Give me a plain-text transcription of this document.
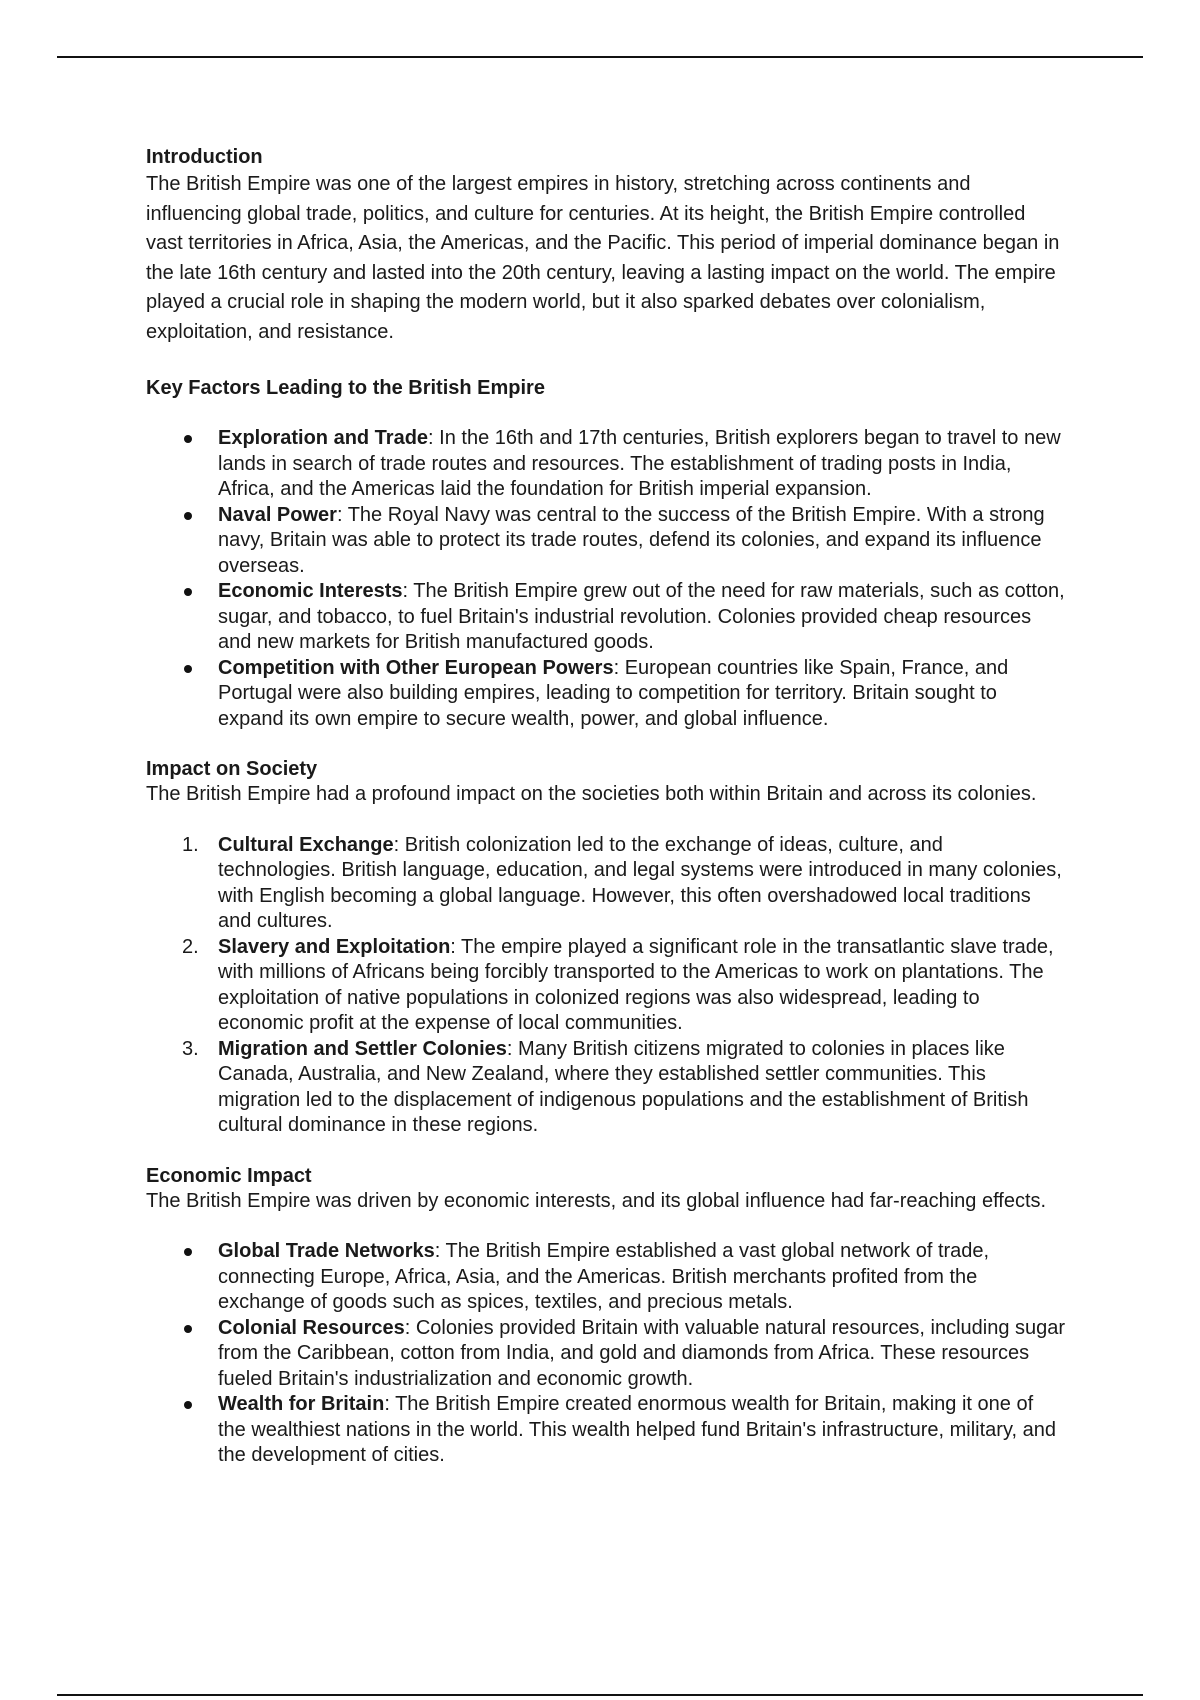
Introduction

The British Empire was one of the largest empires in history, stretching across continents and influencing global trade, politics, and culture for centuries. At its height, the British Empire controlled vast territories in Africa, Asia, the Americas, and the Pacific. This period of imperial dominance began in the late 16th century and lasted into the 20th century, leaving a lasting impact on the world. The empire played a crucial role in shaping the modern world, but it also sparked debates over colonialism, exploitation, and resistance.

Key Factors Leading to the British Empire

Exploration and Trade: In the 16th and 17th centuries, British explorers began to travel to new lands in search of trade routes and resources. The establishment of trading posts in India, Africa, and the Americas laid the foundation for British imperial expansion.
Naval Power: The Royal Navy was central to the success of the British Empire. With a strong navy, Britain was able to protect its trade routes, defend its colonies, and expand its influence overseas.
Economic Interests: The British Empire grew out of the need for raw materials, such as cotton, sugar, and tobacco, to fuel Britain's industrial revolution. Colonies provided cheap resources and new markets for British manufactured goods.
Competition with Other European Powers: European countries like Spain, France, and Portugal were also building empires, leading to competition for territory. Britain sought to expand its own empire to secure wealth, power, and global influence.

Impact on Society

The British Empire had a profound impact on the societies both within Britain and across its colonies.

1. Cultural Exchange: British colonization led to the exchange of ideas, culture, and technologies. British language, education, and legal systems were introduced in many colonies, with English becoming a global language. However, this often overshadowed local traditions and cultures.
2. Slavery and Exploitation: The empire played a significant role in the transatlantic slave trade, with millions of Africans being forcibly transported to the Americas to work on plantations. The exploitation of native populations in colonized regions was also widespread, leading to economic profit at the expense of local communities.
3. Migration and Settler Colonies: Many British citizens migrated to colonies in places like Canada, Australia, and New Zealand, where they established settler communities. This migration led to the displacement of indigenous populations and the establishment of British cultural dominance in these regions.

Economic Impact

The British Empire was driven by economic interests, and its global influence had far-reaching effects.

Global Trade Networks: The British Empire established a vast global network of trade, connecting Europe, Africa, Asia, and the Americas. British merchants profited from the exchange of goods such as spices, textiles, and precious metals.
Colonial Resources: Colonies provided Britain with valuable natural resources, including sugar from the Caribbean, cotton from India, and gold and diamonds from Africa. These resources fueled Britain's industrialization and economic growth.
Wealth for Britain: The British Empire created enormous wealth for Britain, making it one of the wealthiest nations in the world. This wealth helped fund Britain's infrastructure, military, and the development of cities.
